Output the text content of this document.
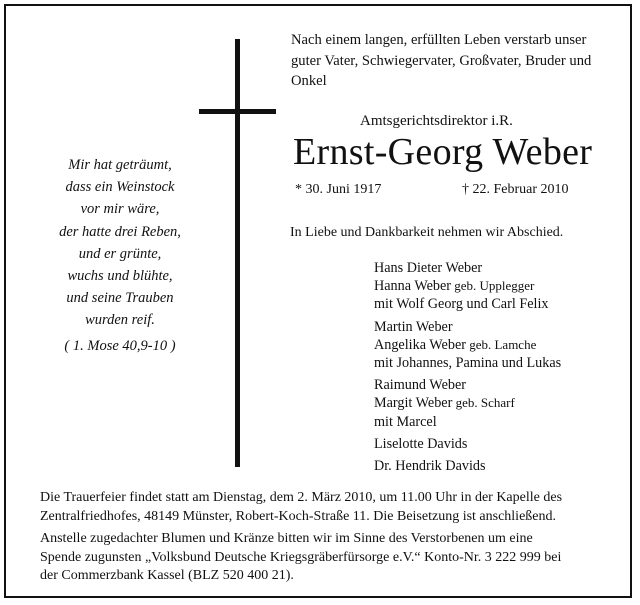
Mir hat geträumt,
dass ein Weinstock
vor mir wäre,
der hatte drei Reben,
und er grünte,
wuchs und blühte,
und seine Trauben
wurden reif.
( 1. Mose 40,9-10 )
Nach einem langen, erfüllten Leben verstarb unser
guter Vater, Schwiegervater, Großvater, Bruder und
Onkel
Amtsgerichtsdirektor i.R.
Ernst-Georg Weber
* 30. Juni 1917	† 22. Februar 2010
In Liebe und Dankbarkeit nehmen wir Abschied.
Hans Dieter Weber
Hanna Weber geb. Upplegger
mit Wolf Georg und Carl Felix
Martin Weber
Angelika Weber geb. Lamche
mit Johannes, Pamina und Lukas
Raimund Weber
Margit Weber geb. Scharf
mit Marcel
Liselotte Davids
Dr. Hendrik Davids
Die Trauerfeier findet statt am Dienstag, dem 2. März 2010, um 11.00 Uhr in der Kapelle des
Zentralfriedhofes, 48149 Münster, Robert-Koch-Straße 11. Die Beisetzung ist anschließend.
Anstelle zugedachter Blumen und Kränze bitten wir im Sinne des Verstorbenen um eine
Spende zugunsten „Volksbund Deutsche Kriegsgräberfürsorge e.V.“ Konto-Nr. 3 222 999 bei
der Commerzbank Kassel (BLZ 520 400 21).
